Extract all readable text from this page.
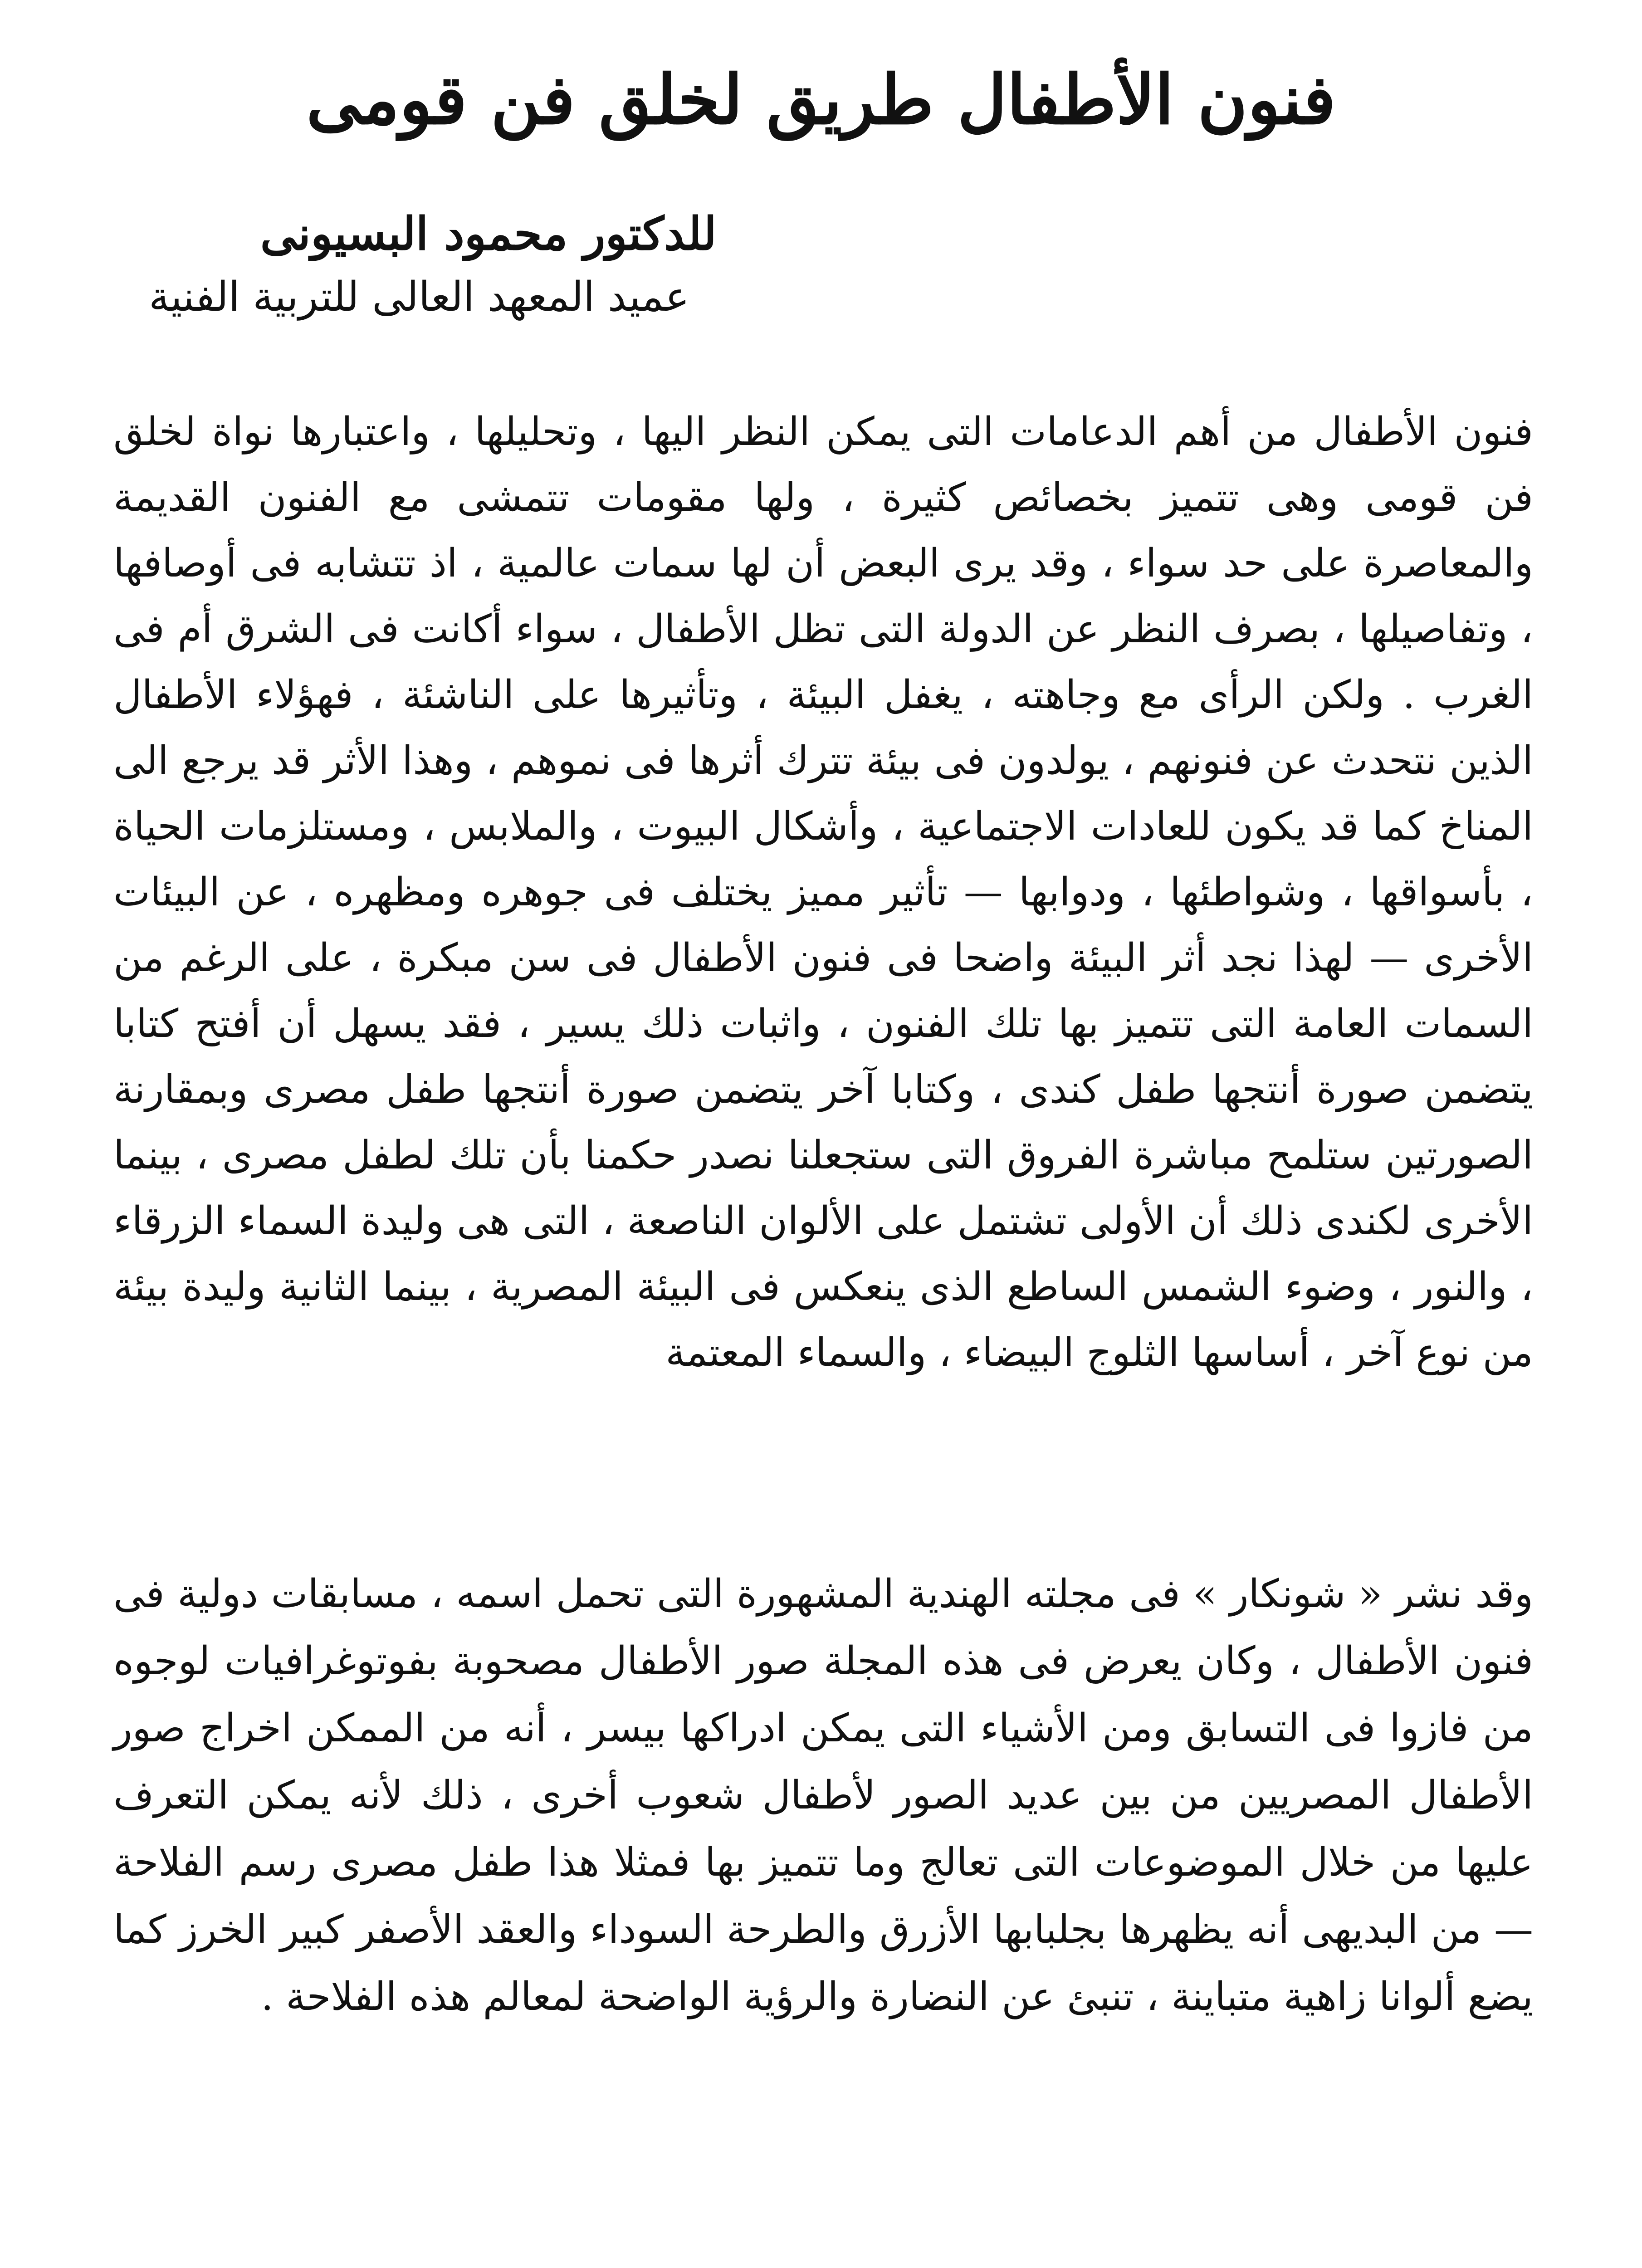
فنون الأطفال طريق لخلق فن قومى

للدكتور محمود البسيونى

عميد المعهد العالى للتربية الفنية

فنون الأطفال من أهم الدعامات التى يمكن النظر اليها ، وتحليلها ، واعتبارها نواة لخلق فن قومى وهى تتميز بخصائص كثيرة ، ولها مقومات تتمشى مع الفنون القديمة والمعاصرة على حد سواء ، وقد يرى البعض أن لها سمات عالمية ، اذ تتشابه فى أوصافها ، وتفاصيلها ، بصرف النظر عن الدولة التى تظل الأطفال ، سواء أكانت فى الشرق أم فى الغرب . ولكن الرأى مع وجاهته ، يغفل البيئة ، وتأثيرها على الناشئة ، فهؤلاء الأطفال الذين نتحدث عن فنونهم ، يولدون فى بيئة تترك أثرها فى نموهم ، وهذا الأثر قد يرجع الى المناخ كما قد يكون للعادات الاجتماعية ، وأشكال البيوت ، والملابس ، ومستلزمات الحياة ، بأسواقها ، وشواطئها ، ودوابها — تأثير مميز يختلف فى جوهره ومظهره ، عن البيئات الأخرى — لهذا نجد أثر البيئة واضحا فى فنون الأطفال فى سن مبكرة ، على الرغم من السمات العامة التى تتميز بها تلك الفنون ، واثبات ذلك يسير ، فقد يسهل أن أفتح كتابا يتضمن صورة أنتجها طفل كندى ، وكتابا آخر يتضمن صورة أنتجها طفل مصرى وبمقارنة الصورتين ستلمح مباشرة الفروق التى ستجعلنا نصدر حكمنا بأن تلك لطفل مصرى ، بينما الأخرى لكندى ذلك أن الأولى تشتمل على الألوان الناصعة ، التى هى وليدة السماء الزرقاء ، والنور ، وضوء الشمس الساطع الذى ينعكس فى البيئة المصرية ، بينما الثانية وليدة بيئة من نوع آخر ، أساسها الثلوج البيضاء ، والسماء المعتمة

وقد نشر « شونكار » فى مجلته الهندية المشهورة التى تحمل اسمه ، مسابقات دولية فى فنون الأطفال ، وكان يعرض فى هذه المجلة صور الأطفال مصحوبة بفوتوغرافيات لوجوه من فازوا فى التسابق ومن الأشياء التى يمكن ادراكها بيسر ، أنه من الممكن اخراج صور الأطفال المصريين من بين عديد الصور لأطفال شعوب أخرى ، ذلك لأنه يمكن التعرف عليها من خلال الموضوعات التى تعالج وما تتميز بها فمثلا هذا طفل مصرى رسم الفلاحة — من البديهى أنه يظهرها بجلبابها الأزرق والطرحة السوداء والعقد الأصفر كبير الخرز كما يضع ألوانا زاهية متباينة ، تنبئ عن النضارة والرؤية الواضحة لمعالم هذه الفلاحة .
